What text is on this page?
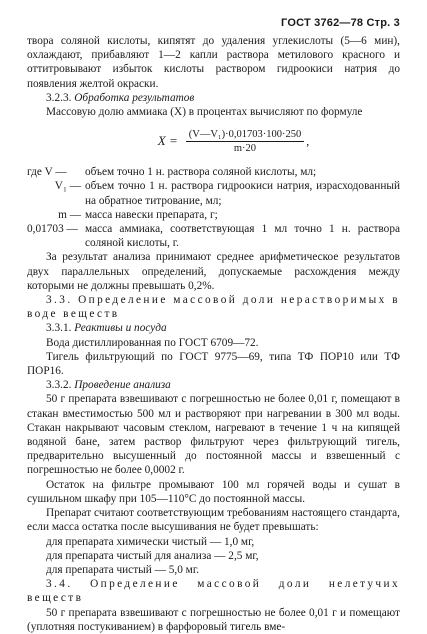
ГОСТ 3762—78 Стр. 3

твора соляной кислоты, кипятят до удаления углекислоты (5—6 мин), охлаждают, прибавляют 1—2 капли раствора метилового красного и оттитровывают избыток кислоты раствором гидроокиси натрия до появления желтой окраски.

3.2.3. Обработка результатов

Массовую долю аммиака (X) в процентах вычисляют по формуле

$X = \frac{\text{(V—V₁)·0,01703·100·250}}{m\cdot 20}$ ,
где V —	объем точно 1 н. раствора соляной кислоты, мл;
V₁ — объем точно 1 н. раствора гидроокиси натрия, израсходованный на обратное титрование, мл;
m — масса навески препарата, г;
0,01703 — масса аммиака, соответствующая 1 мл точно 1 н. раствора соляной кислоты, г.

За результат анализа принимают среднее арифметическое результатов двух параллельных определений, допускаемые расхождения между которыми не должны превышать 0,2%.

3.3. Определение массовой доли нерастворимых в воде веществ

3.3.1. Реактивы и посуда

Вода дистиллированная по ГОСТ 6709—72.

Тигель фильтрующий по ГОСТ 9775—69, типа ТФ ПОР10 или ТФ ПОР16.

3.3.2. Проведение анализа

50 г препарата взвешивают с погрешностью не более 0,01 г, помещают в стакан вместимостью 500 мл и растворяют при нагревании в 300 мл воды. Стакан накрывают часовым стеклом, нагревают в течение 1 ч на кипящей водяной бане, затем раствор фильтруют через фильтрующий тигель, предварительно высушенный до постоянной массы и взвешенный с погрешностью не более 0,0002 г.

Остаток на фильтре промывают 100 мл горячей воды и сушат в сушильном шкафу при 105—110°С до постоянной массы.

Препарат считают соответствующим требованиям настоящего стандарта, если масса остатка после высушивания не будет превышать:

для препарата химически чистый — 1,0 мг,

для препарата чистый для анализа — 2,5 мг,

для препарата чистый — 5,0 мг.

3.4. Определение массовой доли нелетучих веществ

50 г препарата взвешивают с погрешностью не более 0,01 г и помещают (уплотняя постукиванием) в фарфоровый тигель вме-
